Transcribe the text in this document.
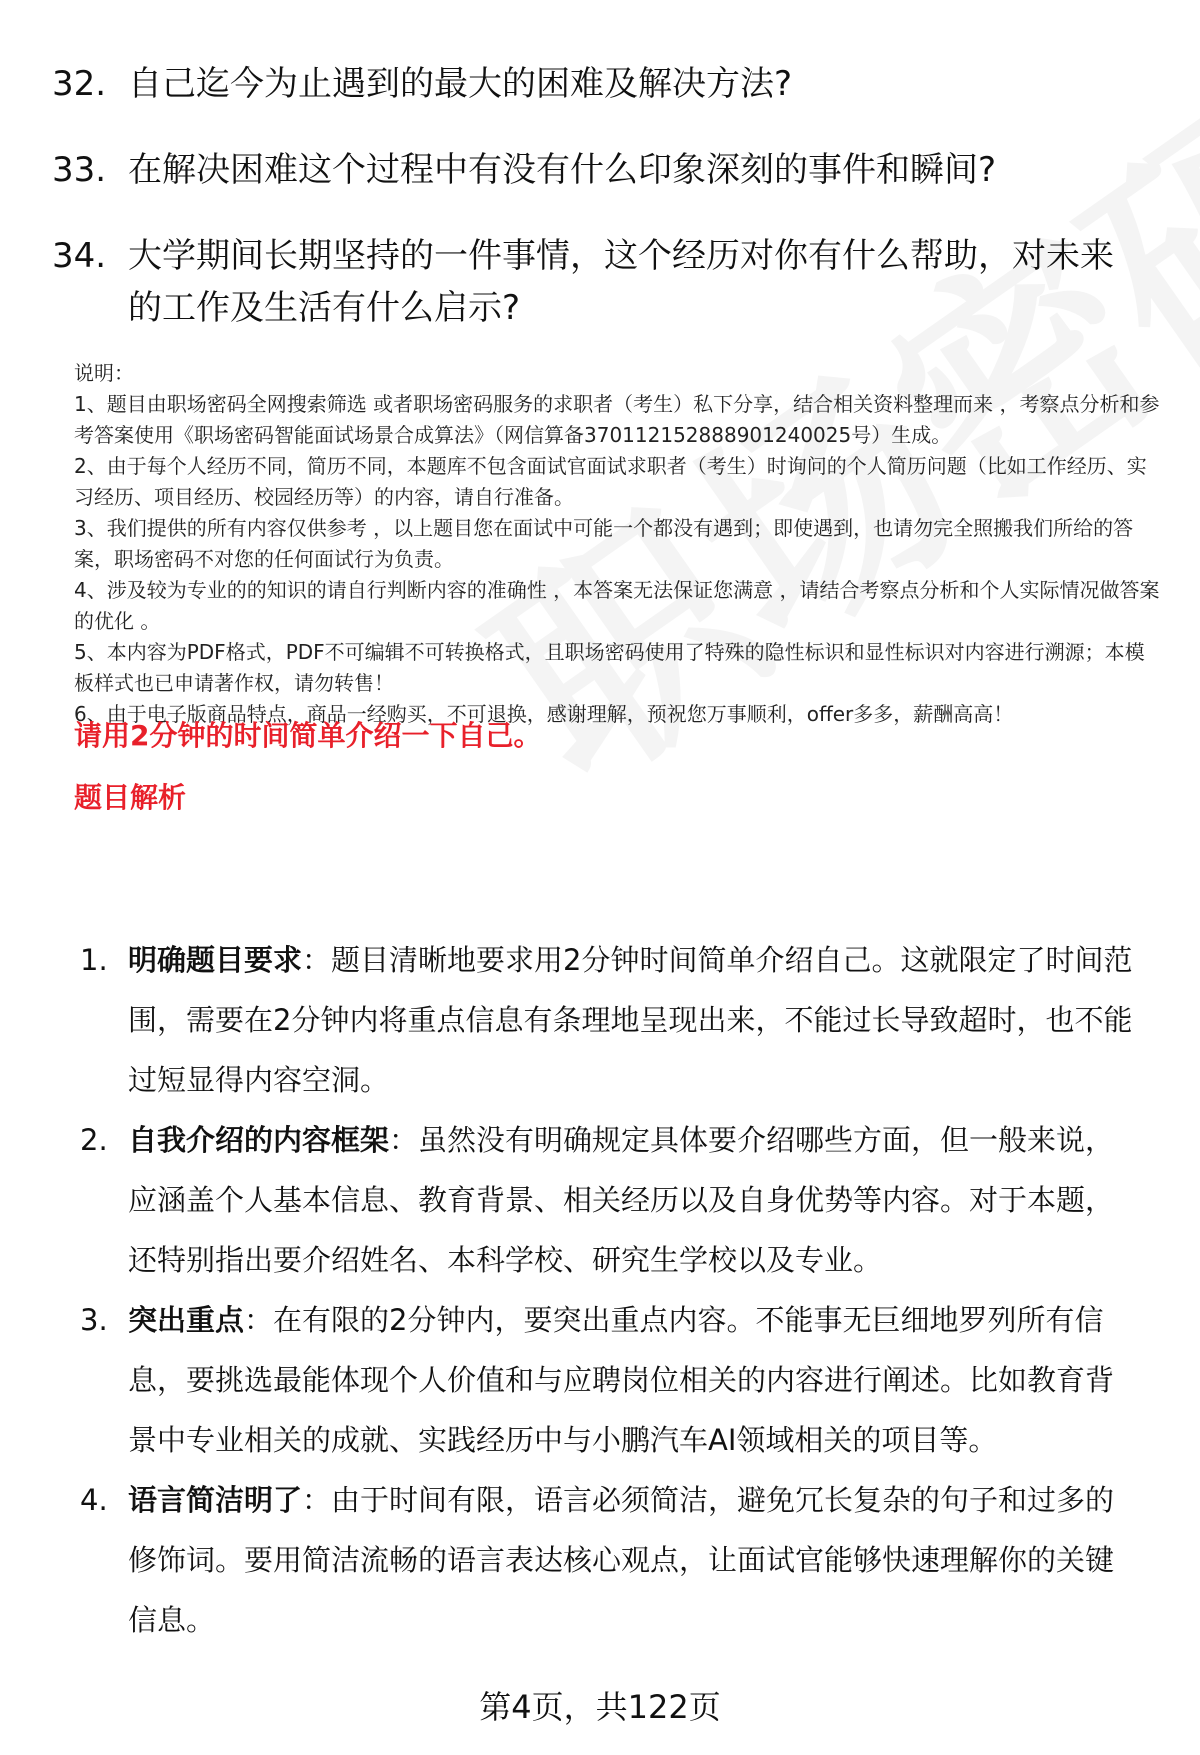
32. 自己迄今为止遇到的最大的困难及解决方法?
33. 在解决困难这个过程中有没有什么印象深刻的事件和瞬间?
34. 大学期间长期坚持的一件事情，这个经历对你有什么帮助，对未来的工作及生活有什么启示?

说明：

1、题目由职场密码全网搜索筛选 或者职场密码服务的求职者（考生）私下分享，结合相关资料整理而来 ，考察点分析和参考答案使用《职场密码智能面试场景合成算法》（网信算备370112152888901240025号）生成。

2、由于每个人经历不同，简历不同，本题库不包含面试官面试求职者（考生）时询问的个人简历问题（比如工作经历、实习经历、项目经历、校园经历等）的内容，请自行准备。

3、我们提供的所有内容仅供参考 ，以上题目您在面试中可能一个都没有遇到；即使遇到，也请勿完全照搬我们所给的答案，职场密码不对您的任何面试行为负责。

4、涉及较为专业的的知识的请自行判断内容的准确性 ，本答案无法保证您满意 ，请结合考察点分析和个人实际情况做答案的优化 。

5、本内容为PDF格式，PDF不可编辑不可转换格式，且职场密码使用了特殊的隐性标识和显性标识对内容进行溯源；本模板样式也已申请著作权，请勿转售！

6、由于电子版商品特点，商品一经购买，不可退换，感谢理解，预祝您万事顺利，offer多多，薪酬高高！

请用2分钟的时间简单介绍一下自己。
题目解析
1. 明确题目要求：题目清晰地要求用2分钟时间简单介绍自己。这就限定了时间范围，需要在2分钟内将重点信息有条理地呈现出来，不能过长导致超时，也不能过短显得内容空洞。
2. 自我介绍的内容框架：虽然没有明确规定具体要介绍哪些方面，但一般来说，应涵盖个人基本信息、教育背景、相关经历以及自身优势等内容。对于本题，还特别指出要介绍姓名、本科学校、研究生学校以及专业。
3. 突出重点：在有限的2分钟内，要突出重点内容。不能事无巨细地罗列所有信息，要挑选最能体现个人价值和与应聘岗位相关的内容进行阐述。比如教育背景中专业相关的成就、实践经历中与小鹏汽车AI领域相关的项目等。
4. 语言简洁明了：由于时间有限，语言必须简洁，避免冗长复杂的句子和过多的修饰词。要用简洁流畅的语言表达核心观点，让面试官能够快速理解你的关键信息。
第4页，共122页
